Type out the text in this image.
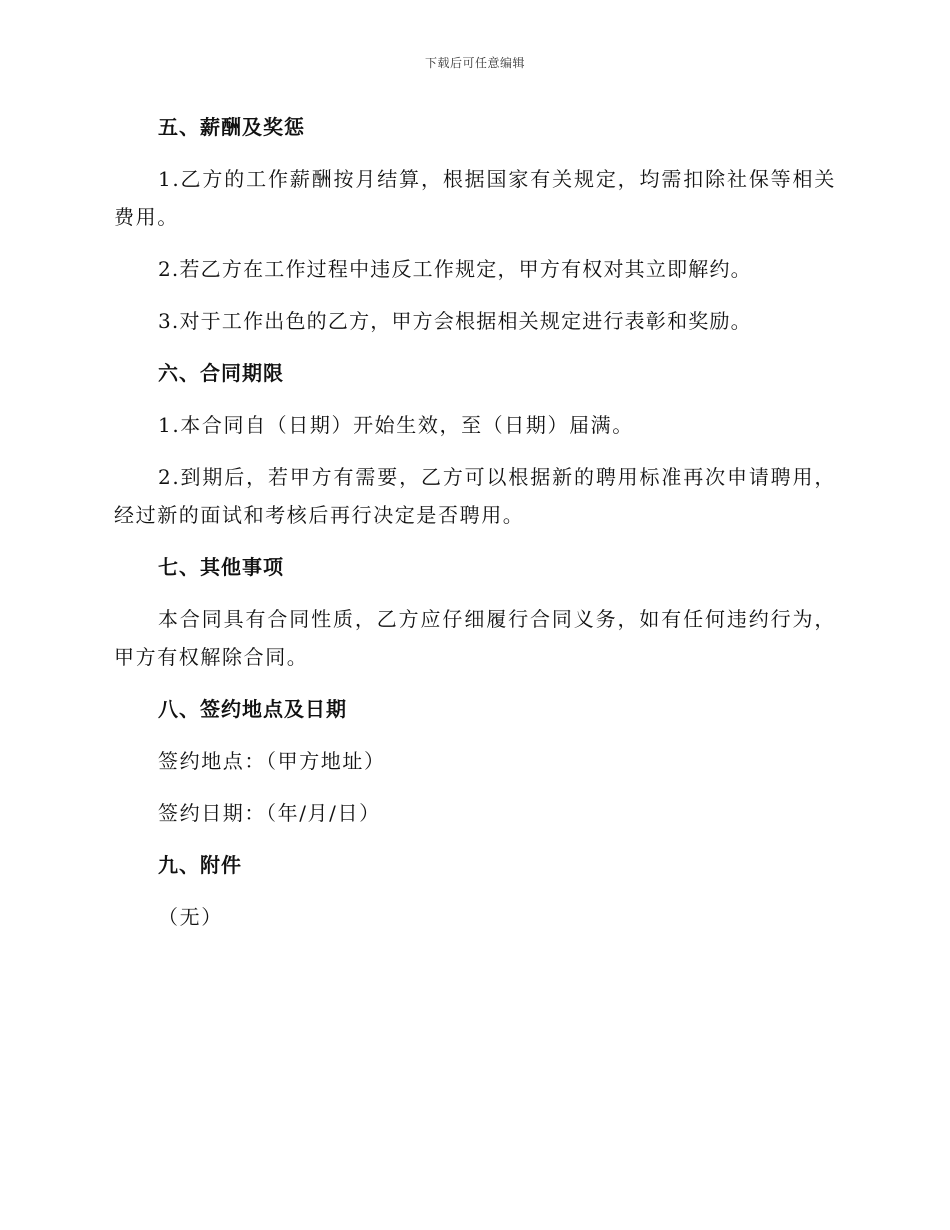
下载后可任意编辑
五、薪酬及奖惩
1.乙方的工作薪酬按月结算，根据国家有关规定，均需扣除社保等相关费用。
2.若乙方在工作过程中违反工作规定，甲方有权对其立即解约。
3.对于工作出色的乙方，甲方会根据相关规定进行表彰和奖励。
六、合同期限
1.本合同自（日期）开始生效，至（日期）届满。
2.到期后，若甲方有需要，乙方可以根据新的聘用标准再次申请聘用，经过新的面试和考核后再行决定是否聘用。
七、其他事项
本合同具有合同性质，乙方应仔细履行合同义务，如有任何违约行为，甲方有权解除合同。
八、签约地点及日期
签约地点：（甲方地址）
签约日期：（年/月/日）
九、附件
（无）
